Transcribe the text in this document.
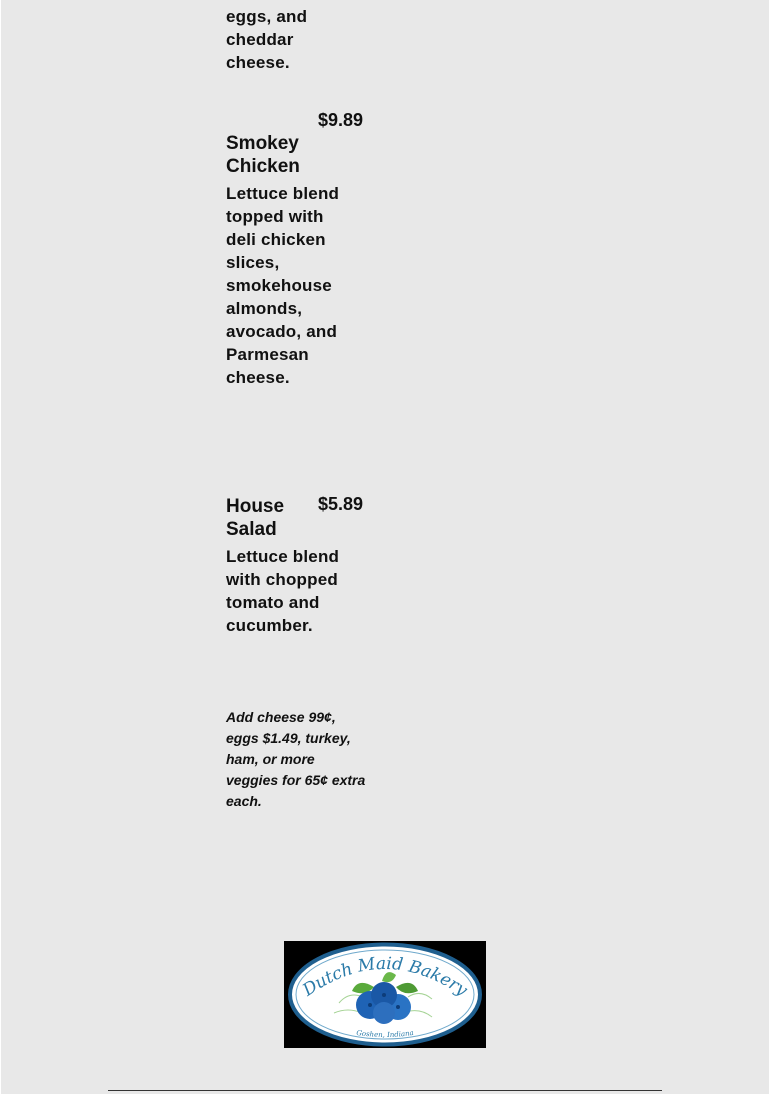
eggs, and cheddar cheese.
$9.89
Smokey Chicken
Lettuce blend topped with deli chicken slices, smokehouse almonds, avocado, and Parmesan cheese.
House Salad
$5.89
Lettuce blend with chopped tomato and cucumber.
Add cheese 99¢, eggs $1.49, turkey, ham, or more veggies for 65¢ extra each.
Dutch Maid Bakery
Goshen, Indiana
